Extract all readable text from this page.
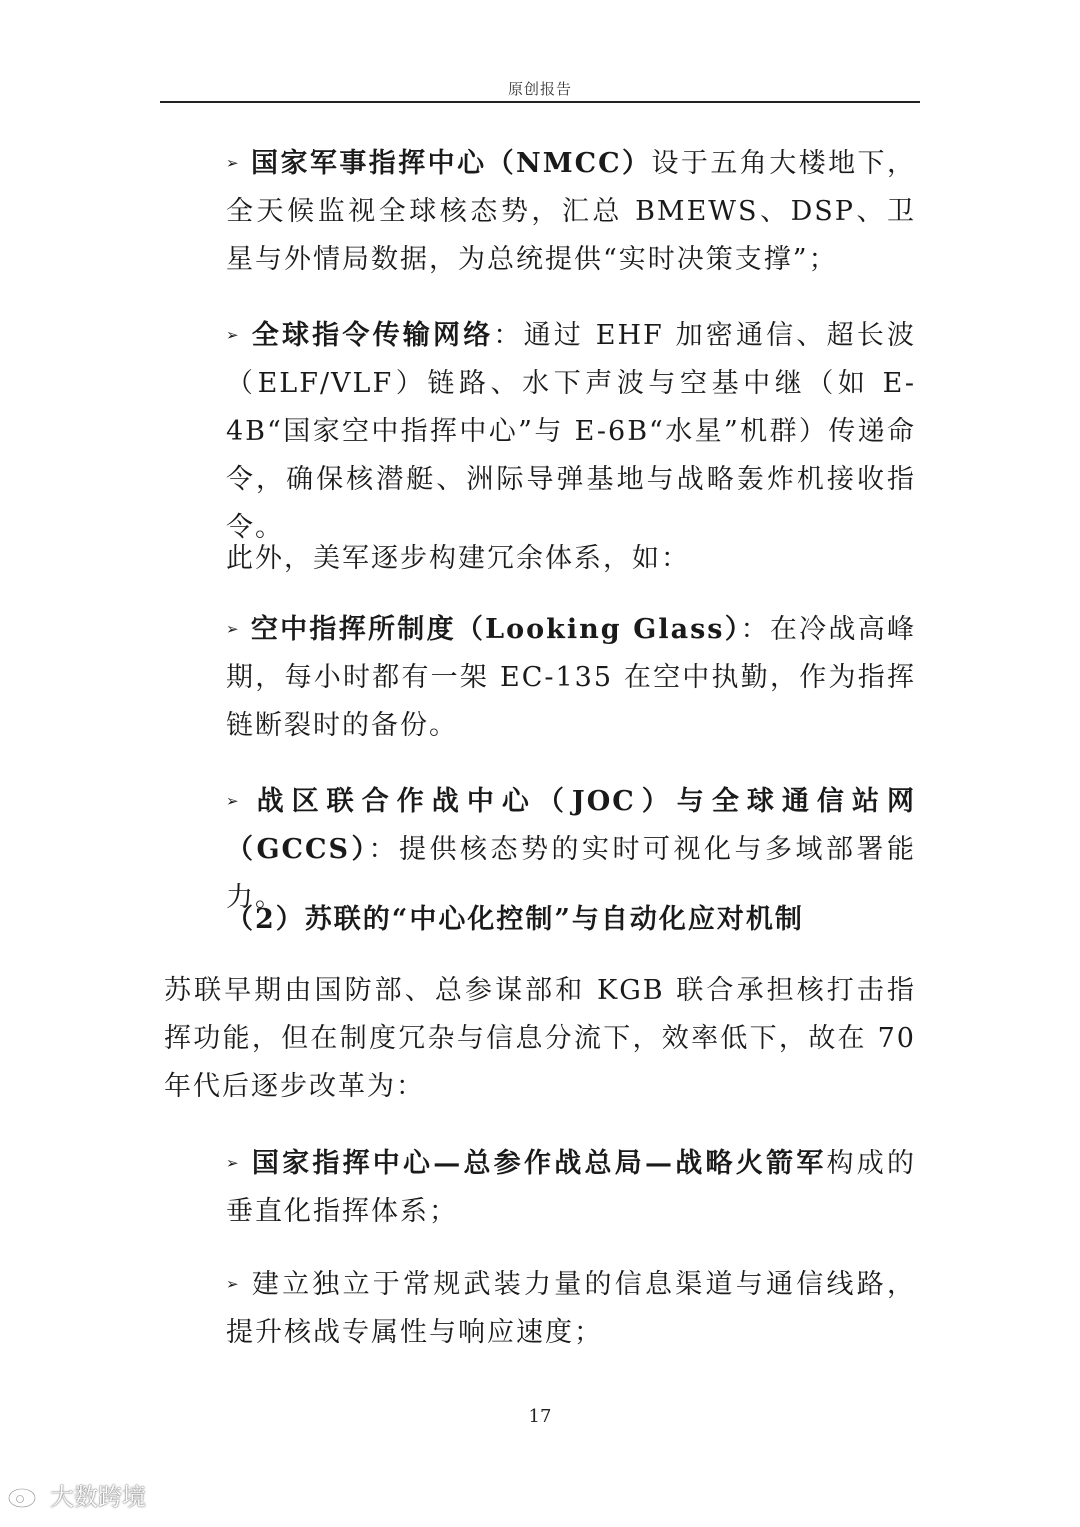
原创报告

➢ 国家军事指挥中心（NMCC）设于五角大楼地下，全天候监视全球核态势，汇总 BMEWS、DSP、卫星与外情局数据，为总统提供“实时决策支撑”；

➢ 全球指令传输网络：通过 EHF 加密通信、超长波（ELF/VLF）链路、水下声波与空基中继（如 E-4B“国家空中指挥中心”与 E-6B“水星”机群）传递命令，确保核潜艇、洲际导弹基地与战略轰炸机接收指令。

此外，美军逐步构建冗余体系，如：

➢ 空中指挥所制度（Looking Glass）：在冷战高峰期，每小时都有一架 EC-135 在空中执勤，作为指挥链断裂时的备份。

➢ 战区联合作战中心（JOC）与全球通信站网（GCCS）：提供核态势的实时可视化与多域部署能力。

（2）苏联的“中心化控制”与自动化应对机制

苏联早期由国防部、总参谋部和 KGB 联合承担核打击指挥功能，但在制度冗杂与信息分流下，效率低下，故在 70 年代后逐步改革为：

➢ 国家指挥中心—总参作战总局—战略火箭军构成的垂直化指挥体系；

➢ 建立独立于常规武装力量的信息渠道与通信线路，提升核战专属性与响应速度；

17
大数跨境
